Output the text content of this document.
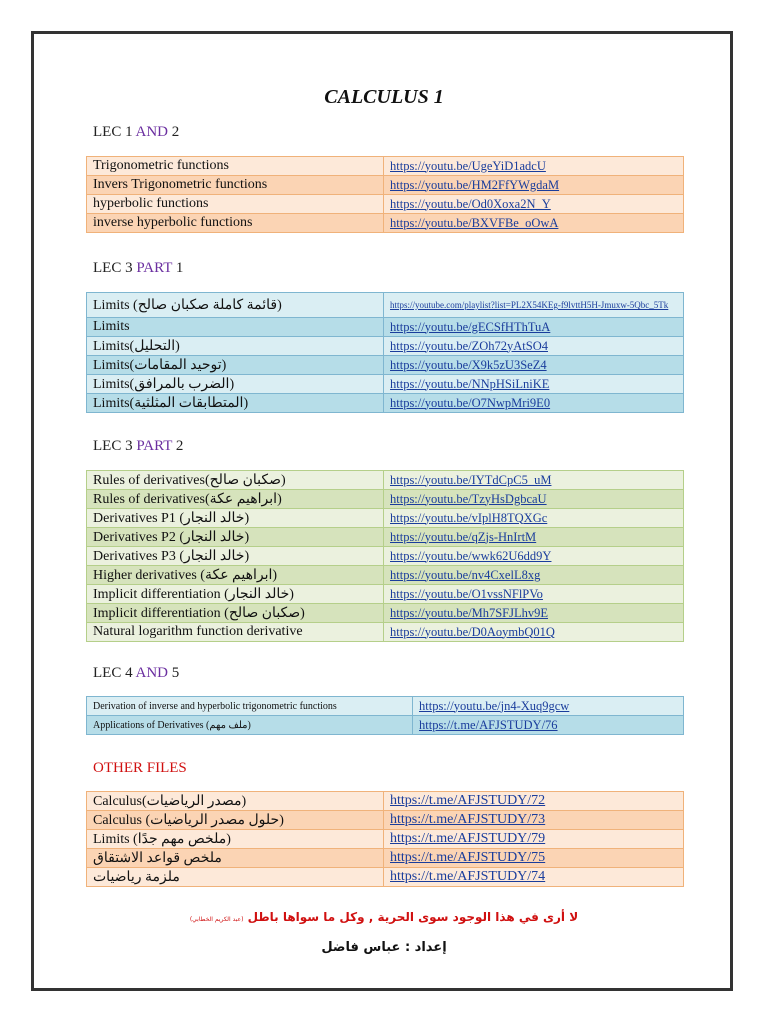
CALCULUS 1
LEC 1 AND 2
Trigonometric functions	https://youtu.be/UgeYiD1adcU
Invers Trigonometric functions	https://youtu.be/HM2FfYWgdaM
hyperbolic functions	https://youtu.be/Od0Xoxa2N_Y
inverse hyperbolic functions	https://youtu.be/BXVFBe_oOwA
LEC 3 PART 1
Limits (قائمة كاملة صكبان صالح)	https://youtube.com/playlist?list=PL2X54KEg-f9lvttH5H-Jmuxw-5Qbc_5Tk
Limits	https://youtu.be/gECSfHThTuA
Limits(التحليل)	https://youtu.be/ZOh72yAtSO4
Limits(توحيد المقامات)	https://youtu.be/X9k5zU3SeZ4
Limits(الضرب بالمرافق)	https://youtu.be/NNpHSiLniKE
Limits(المتطابقات المثلثية)	https://youtu.be/O7NwpMri9E0
LEC 3 PART 2
Rules of derivatives(صكبان صالح)	https://youtu.be/IYTdCpC5_uM
Rules of derivatives(ابراهيم عكة)	https://youtu.be/TzyHsDgbcaU
Derivatives P1 (خالد النجار)	https://youtu.be/vIplH8TQXGc
Derivatives P2 (خالد النجار)	https://youtu.be/qZjs-HnIrtM
Derivatives P3 (خالد النجار)	https://youtu.be/wwk62U6dd9Y
Higher derivatives (ابراهيم عكة)	https://youtu.be/nv4CxelL8xg
Implicit differentiation (خالد النجار)	https://youtu.be/O1vssNFlPVo
Implicit differentiation (صكبان صالح)	https://youtu.be/Mh7SFJLhv9E
Natural logarithm function derivative	https://youtu.be/D0AoymbQ01Q
LEC 4 AND 5
Derivation of inverse and hyperbolic trigonometric functions	https://youtu.be/jn4-Xuq9gcw
Applications of Derivatives (ملف مهم)	https://t.me/AFJSTUDY/76
OTHER FILES
Calculus(مصدر الرياضيات)	https://t.me/AFJSTUDY/72
Calculus (حلول مصدر الرياضيات)	https://t.me/AFJSTUDY/73
Limits (ملخص مهم جدًا)	https://t.me/AFJSTUDY/79
ملخص قواعد الاشتقاق	https://t.me/AFJSTUDY/75
ملزمة رياضيات	https://t.me/AFJSTUDY/74
لا أرى في هذا الوجود سوى الحرية , وكل ما سواها باطل (عبد الكريم الخطابي)
إعداد : عباس فاضل
